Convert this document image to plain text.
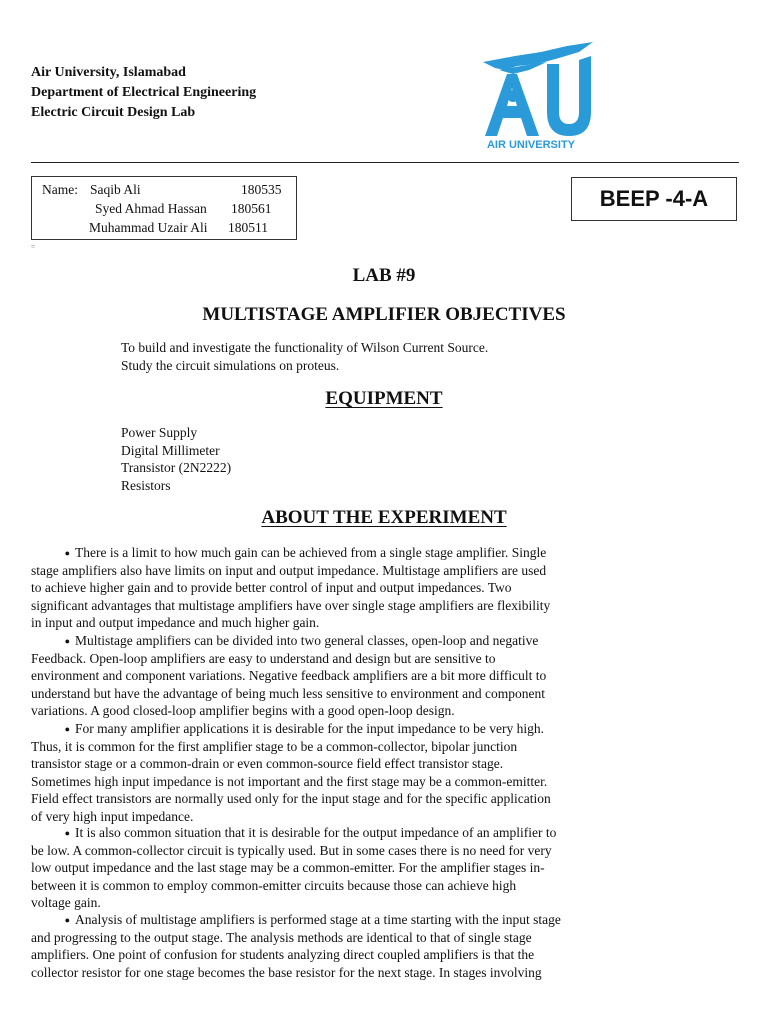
Air University, Islamabad
Department of Electrical Engineering
Electric Circuit Design Lab
AIR UNIVERSITY
Name: Saqib Ali	180535
Syed Ahmad Hassan 180561
Muhammad Uzair Ali 180511
=
BEEP -4-A
LAB #9
MULTISTAGE AMPLIFIER OBJECTIVES
To build and investigate the functionality of Wilson Current Source.
Study the circuit simulations on proteus.
EQUIPMENT
Power Supply
Digital Millimeter
Transistor (2N2222)
Resistors
ABOUT THE EXPERIMENT
● There is a limit to how much gain can be achieved from a single stage amplifier. Single
stage amplifiers also have limits on input and output impedance. Multistage amplifiers are used
to achieve higher gain and to provide better control of input and output impedances. Two
significant advantages that multistage amplifiers have over single stage amplifiers are flexibility
in input and output impedance and much higher gain.
● Multistage amplifiers can be divided into two general classes, open-loop and negative
Feedback. Open-loop amplifiers are easy to understand and design but are sensitive to
environment and component variations. Negative feedback amplifiers are a bit more difficult to
understand but have the advantage of being much less sensitive to environment and component
variations. A good closed-loop amplifier begins with a good open-loop design.
● For many amplifier applications it is desirable for the input impedance to be very high.
Thus, it is common for the first amplifier stage to be a common-collector, bipolar junction
transistor stage or a common-drain or even common-source field effect transistor stage.
Sometimes high input impedance is not important and the first stage may be a common-emitter.
Field effect transistors are normally used only for the input stage and for the specific application
of very high input impedance.
● It is also common situation that it is desirable for the output impedance of an amplifier to
be low. A common-collector circuit is typically used. But in some cases there is no need for very
low output impedance and the last stage may be a common-emitter. For the amplifier stages in-
between it is common to employ common-emitter circuits because those can achieve high
voltage gain.
● Analysis of multistage amplifiers is performed stage at a time starting with the input stage
and progressing to the output stage. The analysis methods are identical to that of single stage
amplifiers. One point of confusion for students analyzing direct coupled amplifiers is that the
collector resistor for one stage becomes the base resistor for the next stage. In stages involving
